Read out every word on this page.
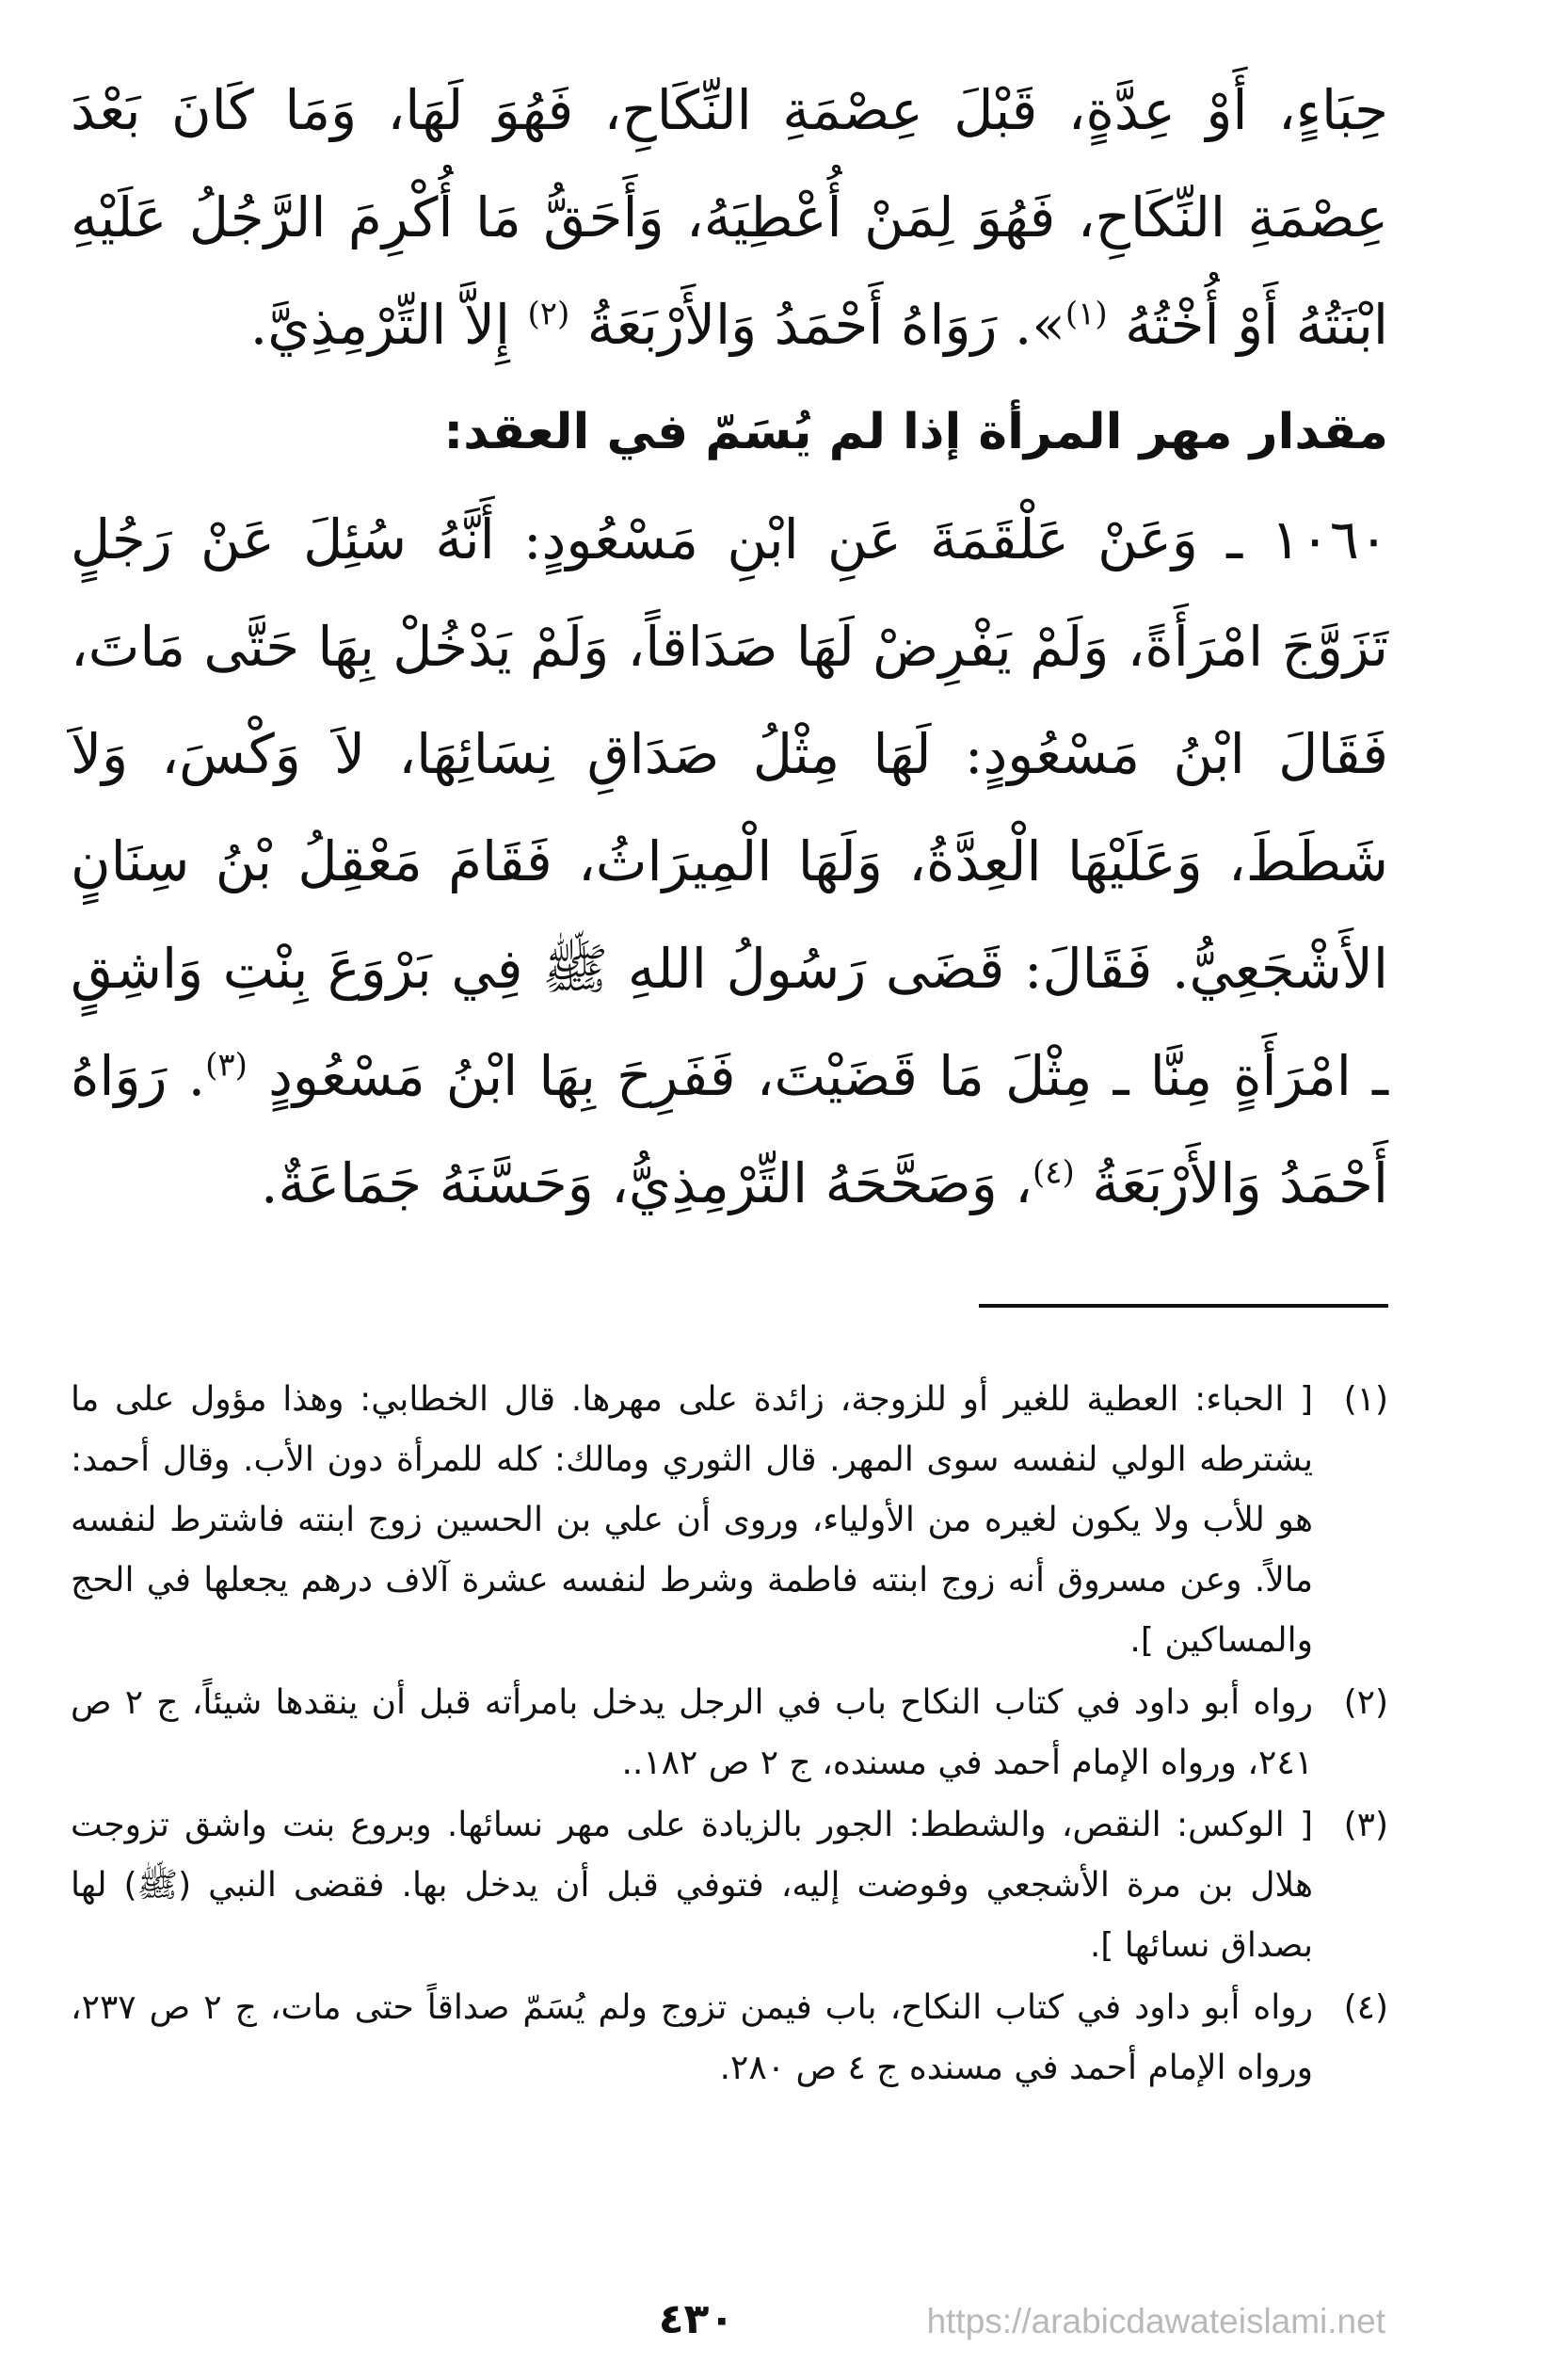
حِبَاءٍ، أَوْ عِدَّةٍ، قَبْلَ عِصْمَةِ النِّكَاحِ، فَهُوَ لَهَا، وَمَا كَانَ بَعْدَ عِصْمَةِ النِّكَاحِ، فَهُوَ لِمَنْ أُعْطِيَهُ، وَأَحَقُّ مَا أُكْرِمَ الرَّجُلُ عَلَيْهِ ابْنَتُهُ أَوْ أُخْتُهُ $^{(١)}$». رَوَاهُ أَحْمَدُ وَالأَرْبَعَةُ $^{(٢)}$ إِلاَّ التِّرْمِذِيَّ.

مقدار مهر المرأة إذا لم يُسَمّ في العقد:

١٠٦٠ ـ وَعَنْ عَلْقَمَةَ عَنِ ابْنِ مَسْعُودٍ: أَنَّهُ سُئِلَ عَنْ رَجُلٍ تَزَوَّجَ امْرَأَةً، وَلَمْ يَفْرِضْ لَهَا صَدَاقاً، وَلَمْ يَدْخُلْ بِهَا حَتَّى مَاتَ، فَقَالَ ابْنُ مَسْعُودٍ: لَهَا مِثْلُ صَدَاقِ نِسَائِهَا، لاَ وَكْسَ، وَلاَ شَطَطَ، وَعَلَيْهَا الْعِدَّةُ، وَلَهَا الْمِيرَاثُ، فَقَامَ مَعْقِلُ بْنُ سِنَانٍ الأَشْجَعِيُّ. فَقَالَ: قَضَى رَسُولُ اللهِ ﷺ فِي بَرْوَعَ بِنْتِ وَاشِقٍ ـ امْرَأَةٍ مِنَّا ـ مِثْلَ مَا قَضَيْتَ، فَفَرِحَ بِهَا ابْنُ مَسْعُودٍ $^{(٣)}$. رَوَاهُ أَحْمَدُ وَالأَرْبَعَةُ $^{(٤)}$، وَصَحَّحَهُ التِّرْمِذِيُّ، وَحَسَّنَهُ جَمَاعَةٌ.

(١)
[ الحباء: العطية للغير أو للزوجة، زائدة على مهرها. قال الخطابي: وهذا مؤول على ما يشترطه الولي لنفسه سوى المهر. قال الثوري ومالك: كله للمرأة دون الأب. وقال أحمد: هو للأب ولا يكون لغيره من الأولياء، وروى أن علي بن الحسين زوج ابنته فاشترط لنفسه مالاً. وعن مسروق أنه زوج ابنته فاطمة وشرط لنفسه عشرة آلاف درهم يجعلها في الحج والمساكين ].
(٢)
رواه أبو داود في كتاب النكاح باب في الرجل يدخل بامرأته قبل أن ينقدها شيئاً، ج ٢ ص ٢٤١، ورواه الإمام أحمد في مسنده، ج ٢ ص ١٨٢..
(٣)
[ الوكس: النقص، والشطط: الجور بالزيادة على مهر نسائها. وبروع بنت واشق تزوجت هلال بن مرة الأشجعي وفوضت إليه، فتوفي قبل أن يدخل بها. فقضى النبي (ﷺ) لها بصداق نسائها ].
(٤)
رواه أبو داود في كتاب النكاح، باب فيمن تزوج ولم يُسَمّ صداقاً حتى مات، ج ٢ ص ٢٣٧، ورواه الإمام أحمد في مسنده ج ٤ ص ٢٨٠.
٤٣٠	https://arabicdawateislami.net
